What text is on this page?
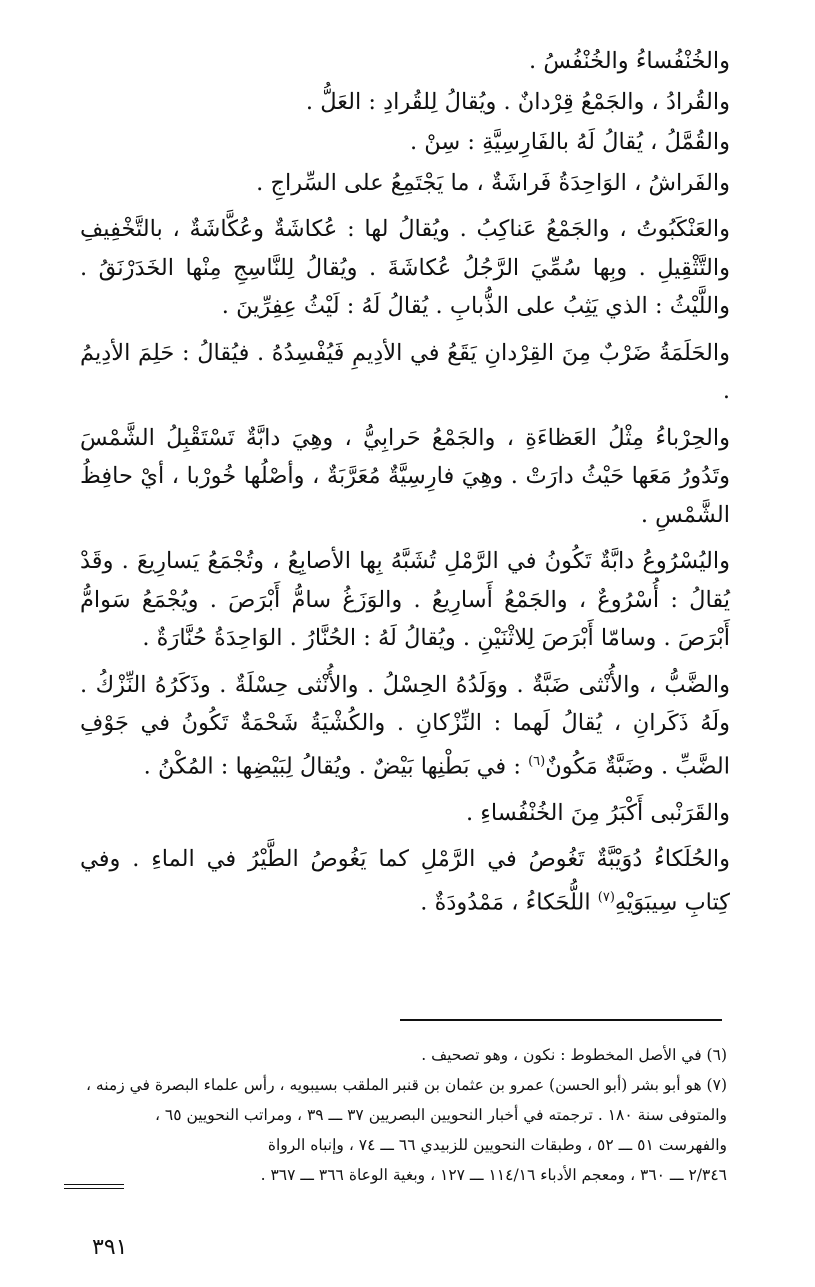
والخُنْفُساءُ والخُنْفُسُ .

والقُرادُ ، والجَمْعُ قِرْدانٌ . ويُقالُ لِلقُرادِ : العَلُّ .

والقُمَّلُ ، يُقالُ لَهُ بالفَارِسِيَّةِ : سِنْ .

والفَراشُ ، الوَاحِدَةُ فَراشَةٌ ، ما يَجْتَمِعُ على السِّراجِ .

والعَنْكَبُوتُ ، والجَمْعُ عَناكِبُ . ويُقالُ لها : عُكاشَةٌ وعُكَّاشَةٌ ، بالتَّخْفِيفِ والتَّثْقِيلِ . وبِها سُمِّيَ الرَّجُلُ عُكاشَةَ . ويُقالُ لِلنَّاسِجِ مِنْها الخَدَرْنَقُ . واللَّيْثُ : الذي يَثِبُ على الذُّبابِ . يُقالُ لَهُ : لَيْثُ عِفِرِّينَ .

والحَلَمَةُ ضَرْبٌ مِنَ القِرْدانِ يَقَعُ في الأدِيمِ فَيُفْسِدُهُ . فيُقالُ : حَلِمَ الأدِيمُ .

والحِرْباءُ مِثْلُ العَظاءَةِ ، والجَمْعُ حَرابِيُّ ، وهِيَ دابَّةٌ تَسْتَقْبِلُ الشَّمْسَ وتَدُورُ مَعَها حَيْثُ دارَتْ . وهِيَ فارِسِيَّةٌ مُعَرَّبَةٌ ، وأصْلُها خُورْبا ، أيْ حافِظُ الشَّمْسِ .

واليُسْرُوعُ دابَّةٌ تَكُونُ في الرَّمْلِ تُشَبَّهُ بِها الأصابِعُ ، وتُجْمَعُ يَسارِيعَ . وقَدْ يُقالُ : أُسْرُوعٌ ، والجَمْعُ أَسارِيعُ . والوَزَغُ سامُّ أَبْرَصَ . ويُجْمَعُ سَوامُّ أَبْرَصَ . وسامّا أَبْرَصَ لِلاثْنَيْنِ . ويُقالُ لَهُ : الحُنَّارُ . الوَاحِدَةُ حُنَّارَةٌ .

والضَّبُّ ، والأُنْثى ضَبَّةٌ . ووَلَدُهُ الحِسْلُ . والأُنْثى حِسْلَةٌ . وذَكَرُهُ النِّزْكُ . ولَهُ ذَكَرانِ ، يُقالُ لَهما : النِّزْكانِ . والكُشْيَةُ شَحْمَةٌ تَكُونُ في جَوْفِ الضَّبِّ . وضَبَّةٌ مَكُونٌ$^{(٦)}$ : في بَطْنِها بَيْضٌ . ويُقالُ لِبَيْضِها : المُكْنُ .

والقَرَنْبى أَكْبَرُ مِنَ الخُنْفُساءِ .

والحُلَكاءُ دُوَيْبَّةٌ تَغُوصُ في الرَّمْلِ كما يَغُوصُ الطَّيْرُ في الماءِ . وفي كِتابِ سِيبَوَيْهِ$^{(٧)}$ اللُّحَكاءُ ، مَمْدُودَةٌ .

(٦) في الأصل المخطوط : نكون ، وهو تصحيف .

(٧) هو أبو بشر (أبو الحسن) عمرو بن عثمان بن قنبر الملقب بسيبويه ، رأس علماء البصرة في زمنه ،
والمتوفى سنة ١٨٠ . ترجمته في أخبار النحويين البصريين ٣٧ ـــ ٣٩ ، ومراتب النحويين ٦٥ ،
والفهرست ٥١ ـــ ٥٢ ، وطبقات النحويين للزبيدي ٦٦ ـــ ٧٤ ، وإنباه الرواة
٢/٣٤٦ ـــ ٣٦٠ ، ومعجم الأدباء ١١٤/١٦ ـــ ١٢٧ ، وبغية الوعاة ٣٦٦ ـــ ٣٦٧ .

٣٩١
